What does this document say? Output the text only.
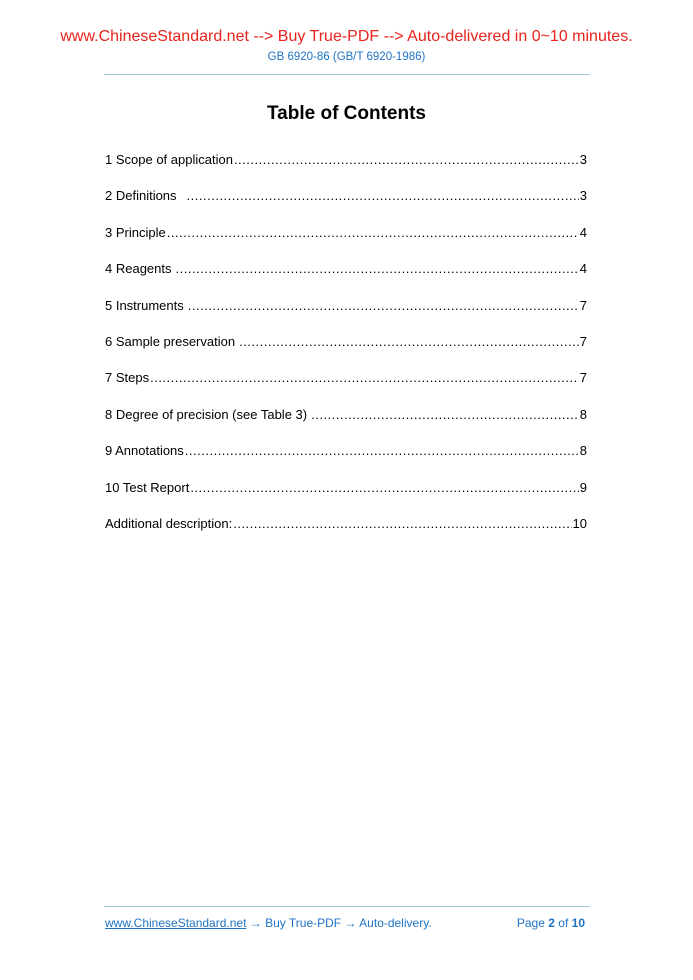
www.ChineseStandard.net --> Buy True-PDF --> Auto-delivered in 0~10 minutes.
GB 6920-86 (GB/T 6920-1986)
Table of Contents
1 Scope of application .....	3
2 Definitions .....	3
3 Principle .....	4
4 Reagents .....	4
5 Instruments .....	7
6 Sample preservation .....	7
7 Steps .....	7
8 Degree of precision (see Table 3) .....	8
9 Annotations .....	8
10 Test Report .....	9
Additional description: .....	10
www.ChineseStandard.net → Buy True-PDF → Auto-delivery.	Page 2 of 10
